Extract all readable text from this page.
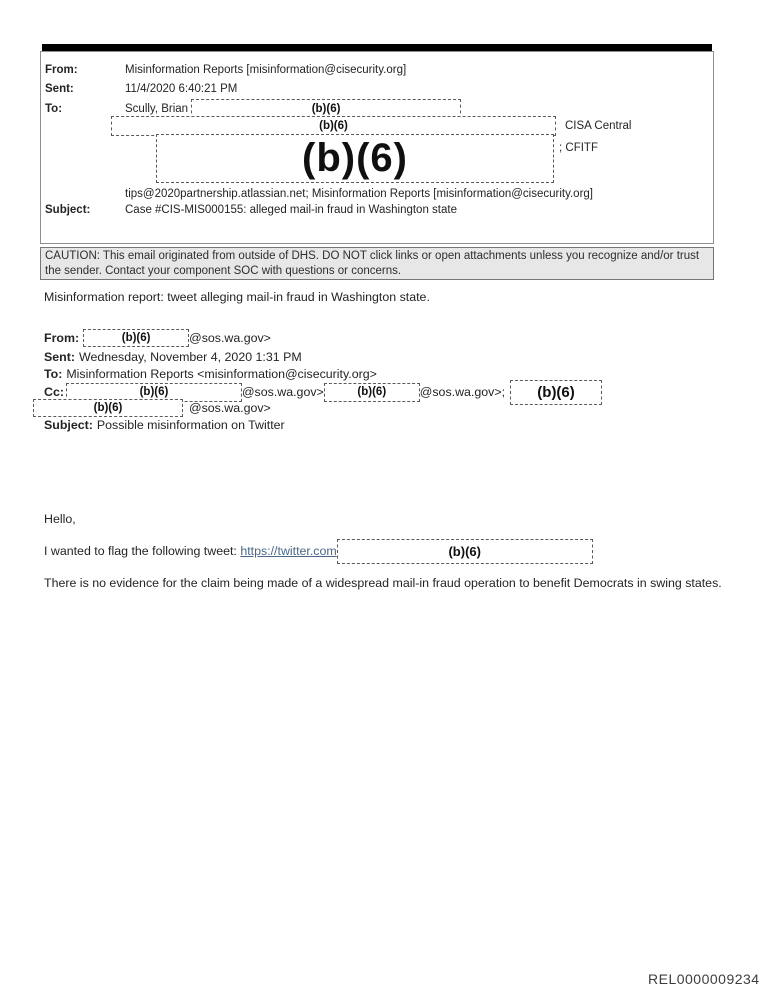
From:	Misinformation Reports [misinformation@cisecurity.org]
Sent:	11/4/2020 6:40:21 PM
To:	Scully, Brian	(b)(6)
(b)(6)	CISA Central
(b)(6)	; CFITF
tips@2020partnership.atlassian.net; Misinformation Reports [misinformation@cisecurity.org]
Subject:	Case #CIS-MIS000155: alleged mail-in fraud in Washington state
CAUTION: This email originated from outside of DHS. DO NOT click links or open attachments unless you recognize and/or trust the sender. Contact your component SOC with questions or concerns.
Misinformation report: tweet alleging mail-in fraud in Washington state.
From:	(b)(6)	@sos.wa.gov>
Sent: Wednesday, November 4, 2020 1:31 PM
To: Misinformation Reports <misinformation@cisecurity.org>
Cc:	(b)(6)	@sos.wa.gov>	(b)(6)	@sos.wa.gov>;	(b)(6)
(b)(6)	@sos.wa.gov>
Subject: Possible misinformation on Twitter
Hello,
I wanted to flag the following tweet: https://twitter.com	(b)(6)
There is no evidence for the claim being made of a widespread mail-in fraud operation to benefit Democrats in swing states.
REL0000009234
